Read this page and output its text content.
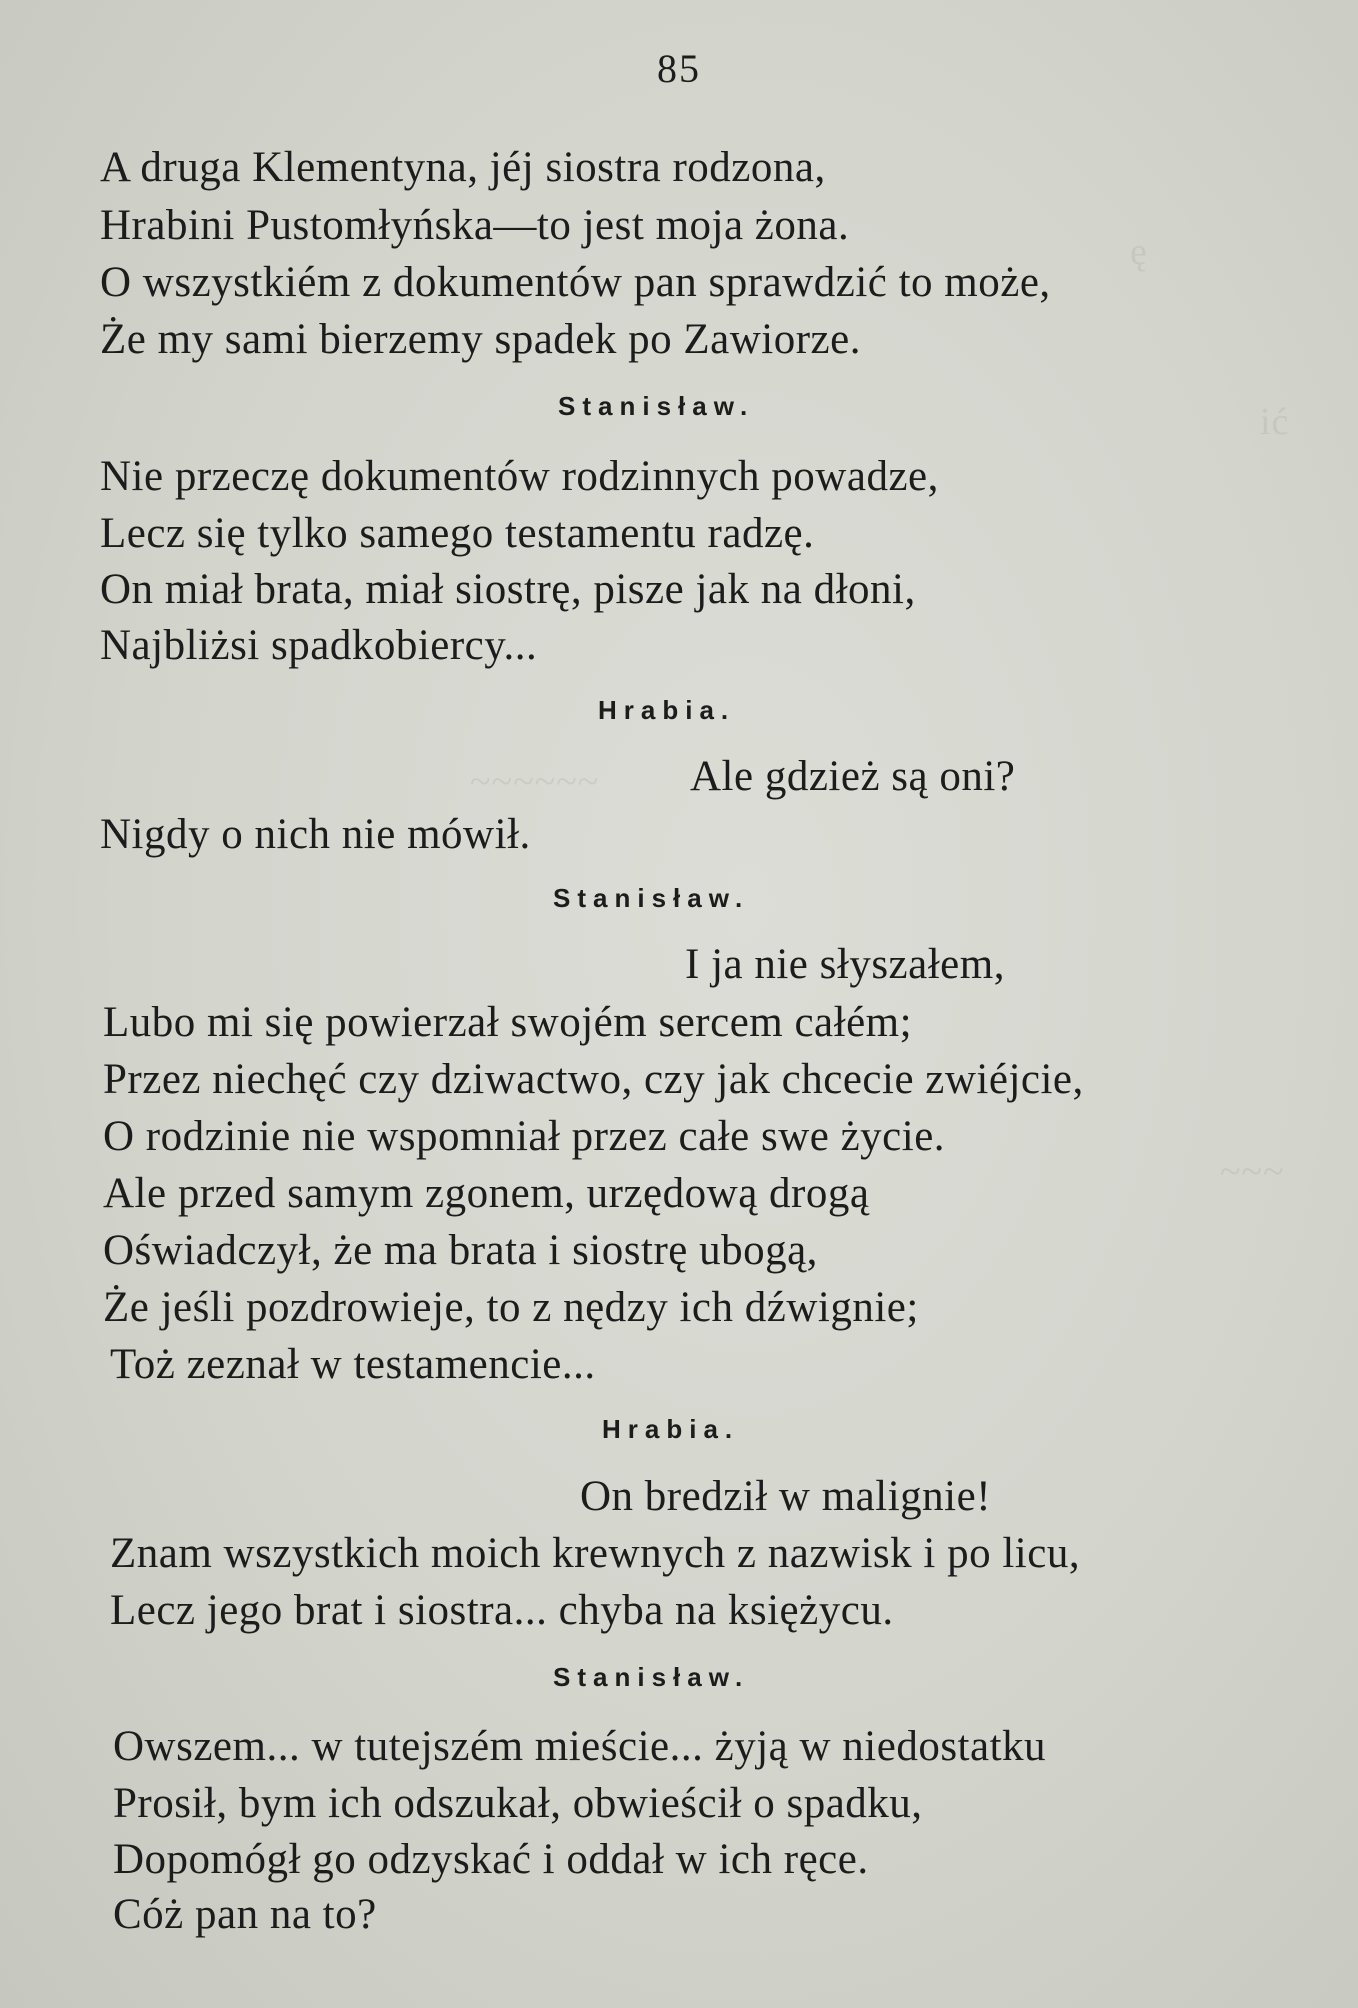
ę
ić
~~~~~~
~~~
85
A druga Klementyna, jéj siostra rodzona,
Hrabini Pustomłyńska—to jest moja żona.
O wszystkiém z dokumentów pan sprawdzić to może,
Że my sami bierzemy spadek po Zawiorze.
Stanisław.
Nie przeczę dokumentów rodzinnych powadze,
Lecz się tylko samego testamentu radzę.
On miał brata, miał siostrę, pisze jak na dłoni,
Najbliżsi spadkobiercy...
Hrabia.
Ale gdzież są oni?
Nigdy o nich nie mówił.
Stanisław.
I ja nie słyszałem,
Lubo mi się powierzał swojém sercem całém;
Przez niechęć czy dziwactwo, czy jak chcecie zwiéjcie,
O rodzinie nie wspomniał przez całe swe życie.
Ale przed samym zgonem, urzędową drogą
Oświadczył, że ma brata i siostrę ubogą,
Że jeśli pozdrowieje, to z nędzy ich dźwignie;
Toż zeznał w testamencie...
Hrabia.
On bredził w malignie!
Znam wszystkich moich krewnych z nazwisk i po licu,
Lecz jego brat i siostra... chyba na księżycu.
Stanisław.
Owszem... w tutejszém mieście... żyją w niedostatku
Prosił, bym ich odszukał, obwieścił o spadku,
Dopomógł go odzyskać i oddał w ich ręce.
Cóż pan na to?
